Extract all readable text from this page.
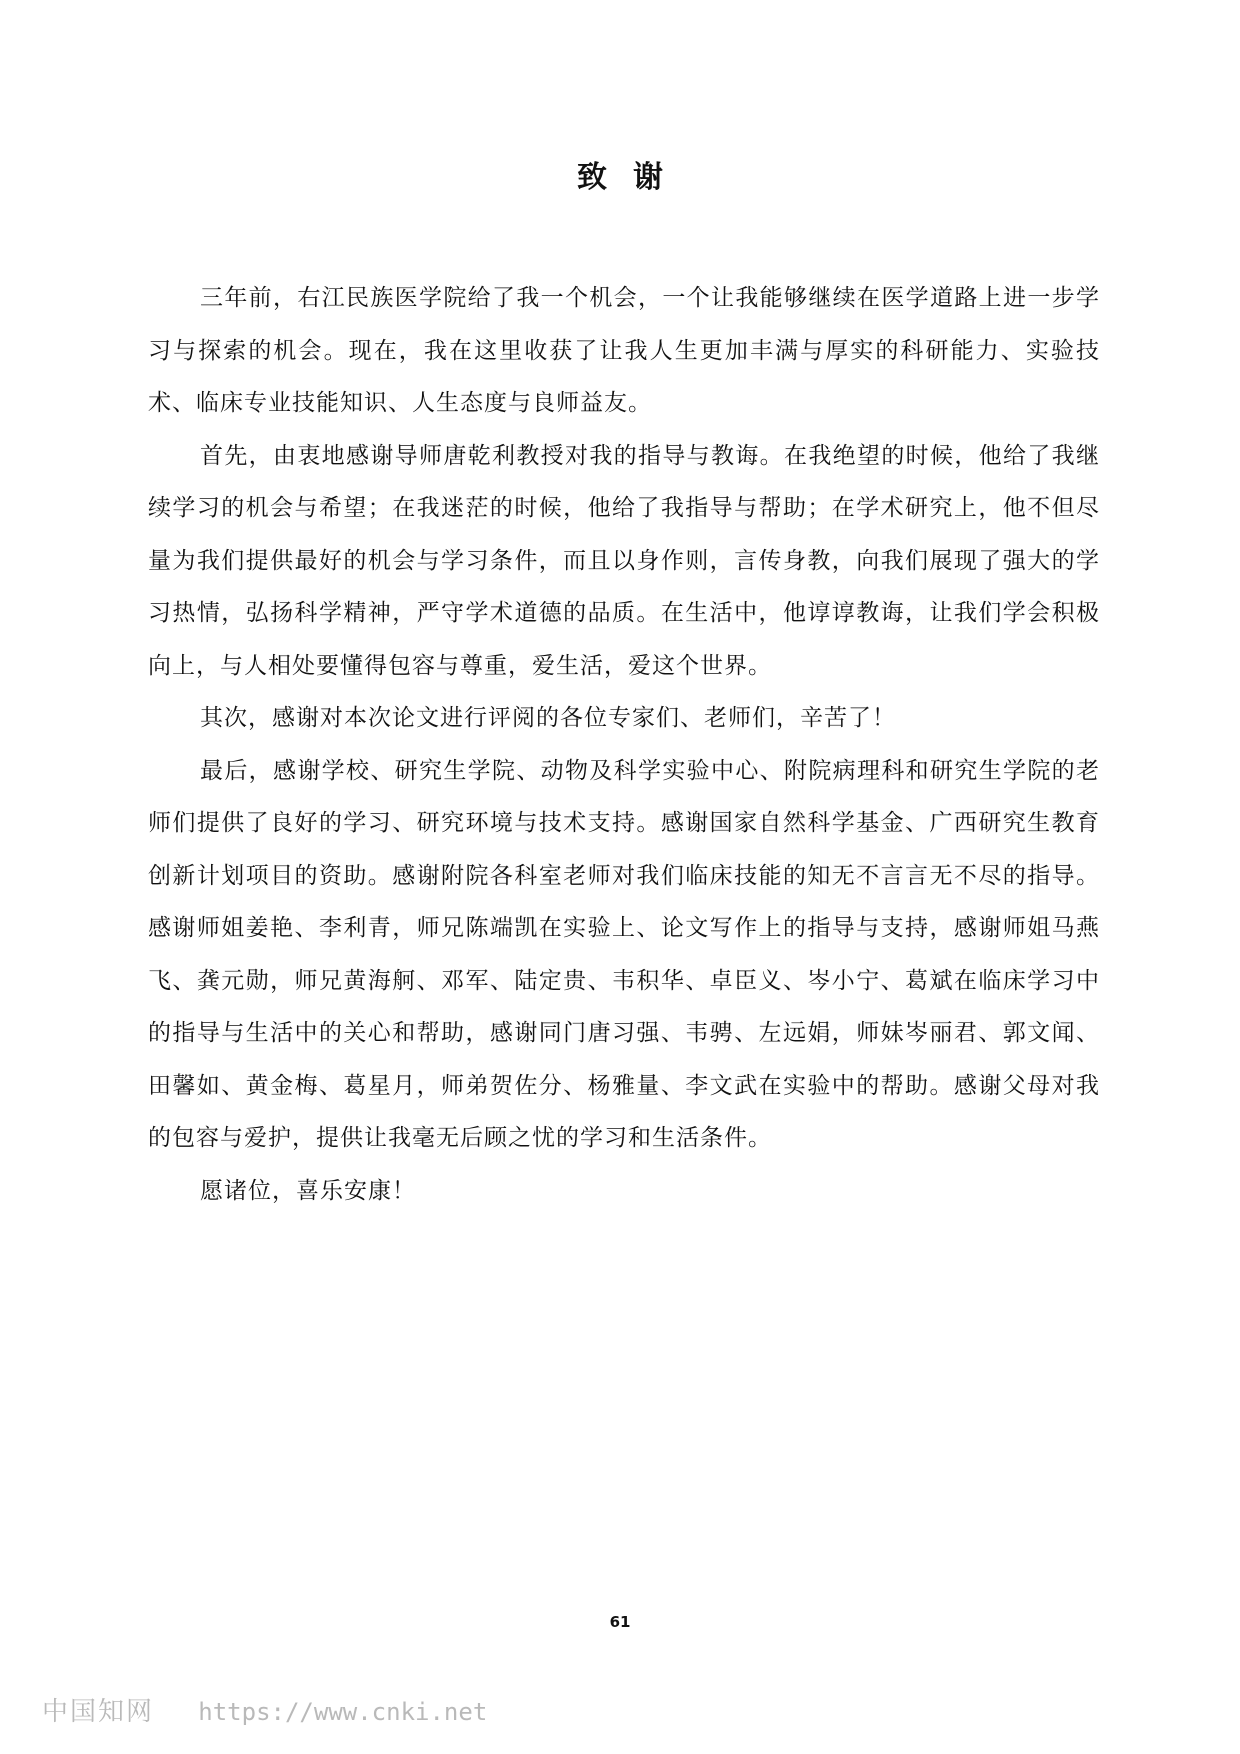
致谢

三年前，右江民族医学院给了我一个机会，一个让我能够继续在医学道路上进一步学习与探索的机会。现在，我在这里收获了让我人生更加丰满与厚实的科研能力、实验技术、临床专业技能知识、人生态度与良师益友。

首先，由衷地感谢导师唐乾利教授对我的指导与教诲。在我绝望的时候，他给了我继续学习的机会与希望；在我迷茫的时候，他给了我指导与帮助；在学术研究上，他不但尽量为我们提供最好的机会与学习条件，而且以身作则，言传身教，向我们展现了强大的学习热情，弘扬科学精神，严守学术道德的品质。在生活中，他谆谆教诲，让我们学会积极向上，与人相处要懂得包容与尊重，爱生活，爱这个世界。

其次，感谢对本次论文进行评阅的各位专家们、老师们，辛苦了！

最后，感谢学校、研究生学院、动物及科学实验中心、附院病理科和研究生学院的老师们提供了良好的学习、研究环境与技术支持。感谢国家自然科学基金、广西研究生教育创新计划项目的资助。感谢附院各科室老师对我们临床技能的知无不言言无不尽的指导。感谢师姐姜艳、李利青，师兄陈端凯在实验上、论文写作上的指导与支持，感谢师姐马燕飞、龚元勋，师兄黄海舸、邓军、陆定贵、韦积华、卓臣义、岑小宁、葛斌在临床学习中的指导与生活中的关心和帮助，感谢同门唐习强、韦骋、左远娟，师妹岑丽君、郭文闻、田馨如、黄金梅、葛星月，师弟贺佐分、杨雅量、李文武在实验中的帮助。感谢父母对我的包容与爱护，提供让我毫无后顾之忧的学习和生活条件。

愿诸位，喜乐安康！

61
中国知网 https://www.cnki.net
